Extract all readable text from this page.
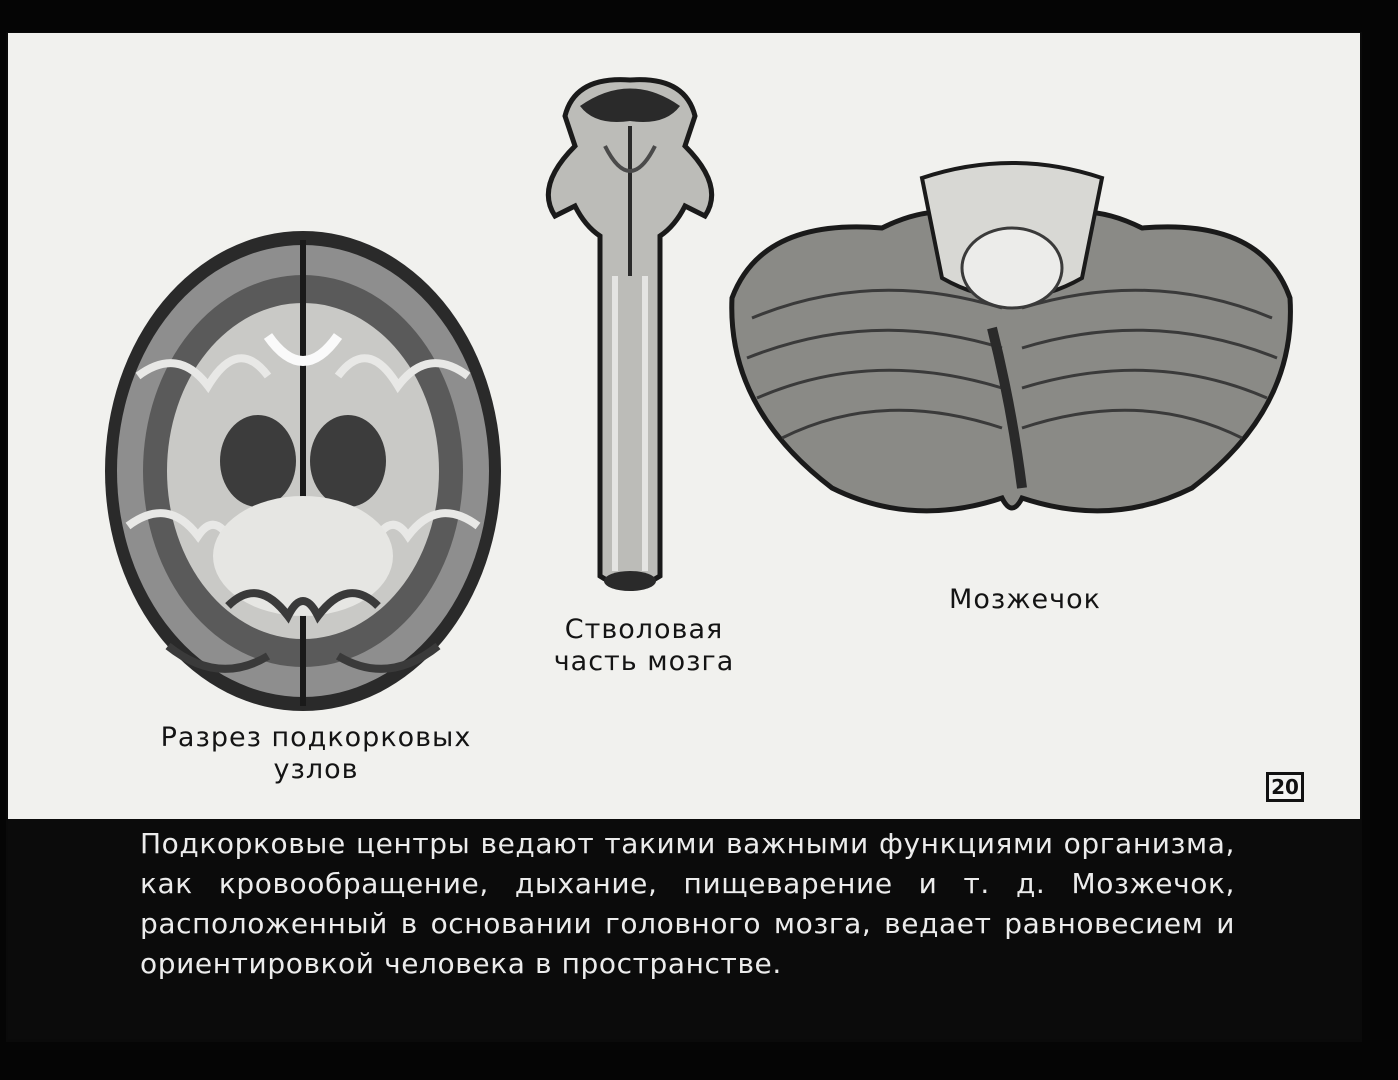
Разрез подкорковых узлов
Стволовая часть мозга
Мозжечок
20

Подкорковые центры ведают такими важными функциями организма, как кровообращение, дыхание, пищеварение и т. д. Мозжечок, расположенный в основании головного мозга, ведает равновесием и ориентировкой человека в пространстве.
